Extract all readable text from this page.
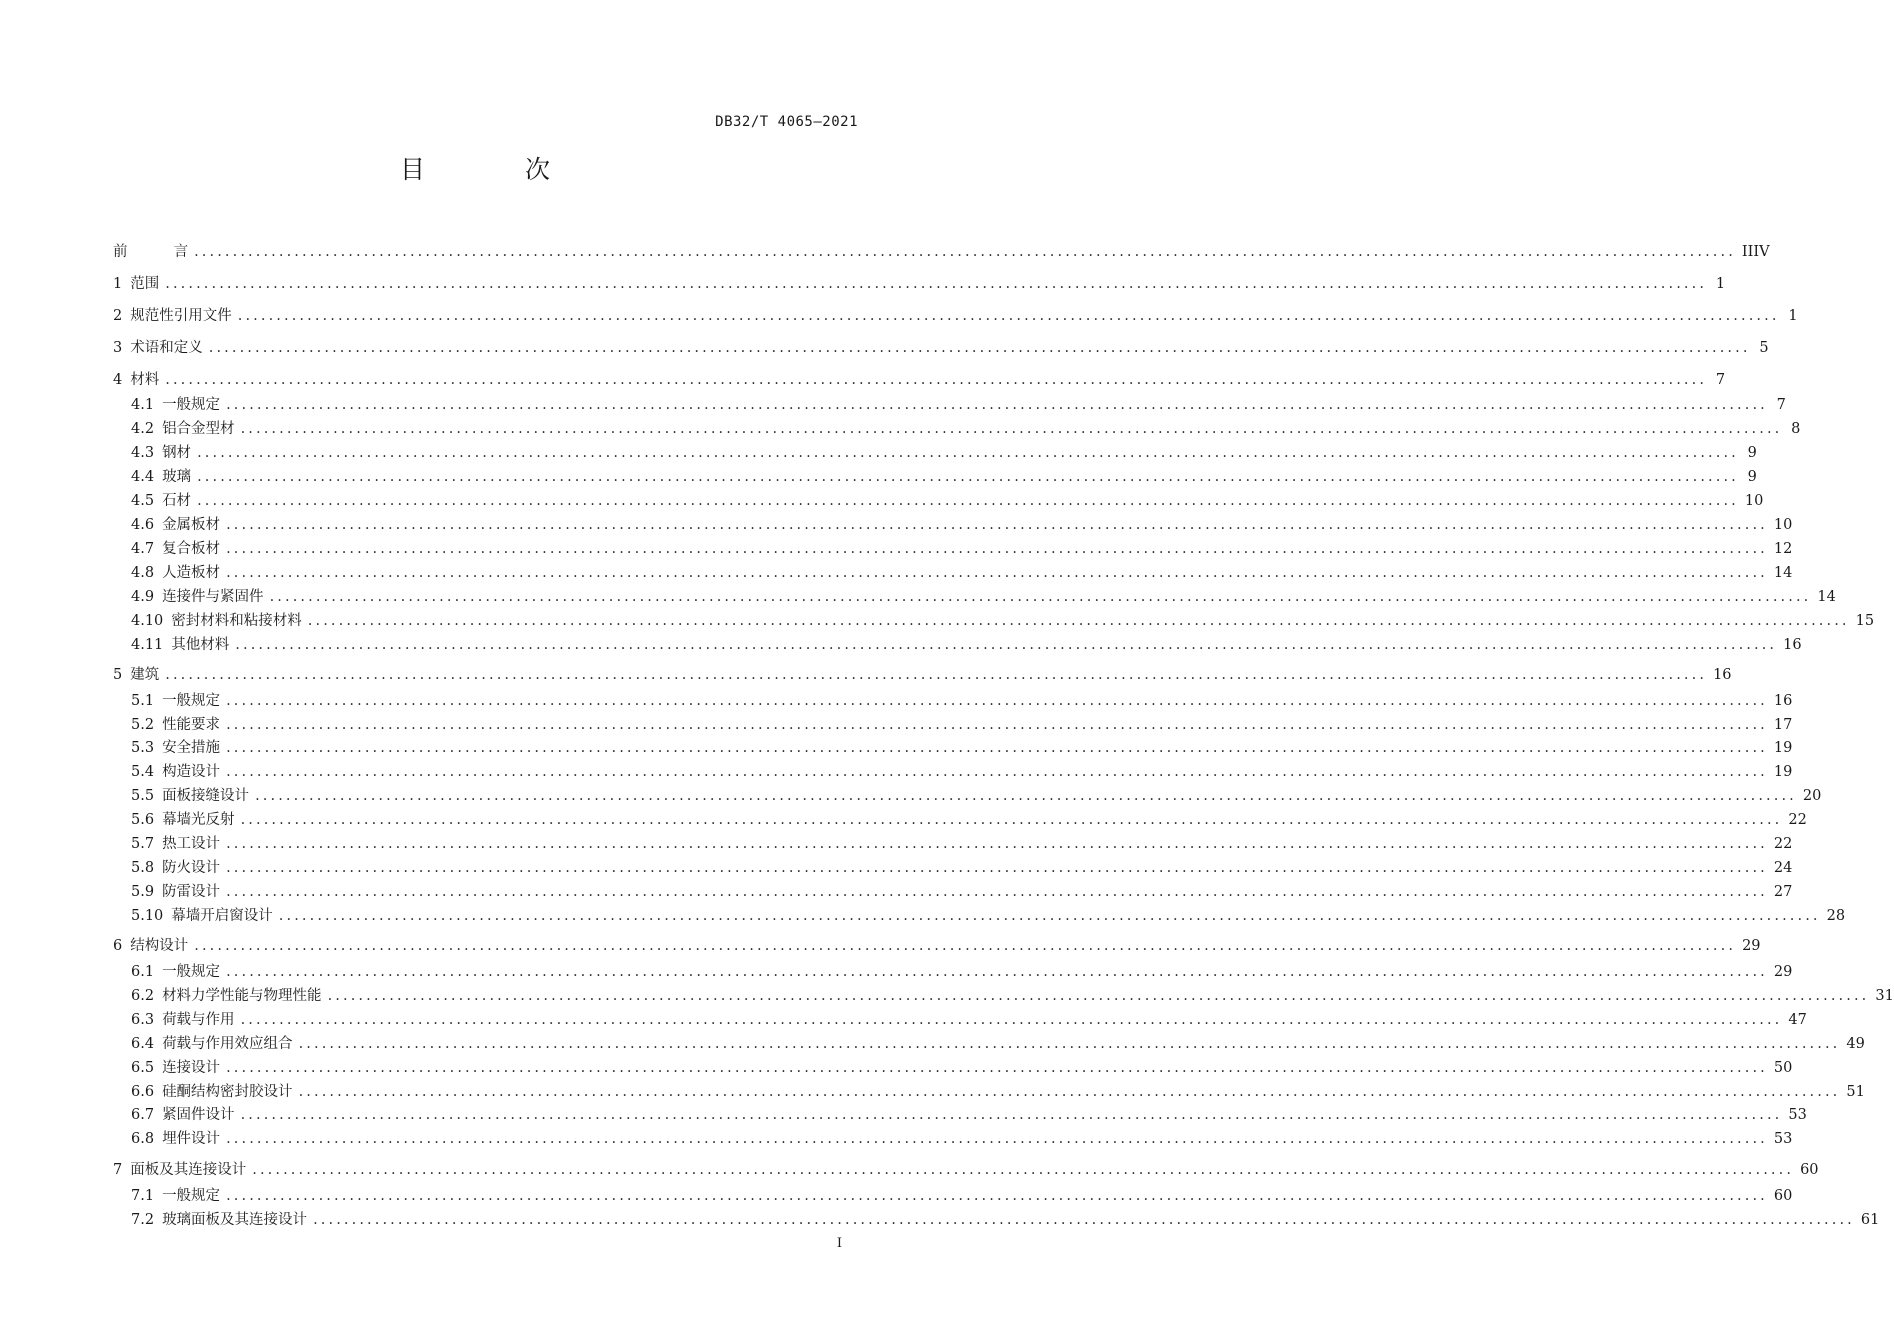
DB32/T 4065—2021
目 次
前          言 ........................................................................................................................................................................................................ IIIV
1 范围 ........................................................................................................................................................................................................ 1
2 规范性引用文件 ........................................................................................................................................................................................................ 1
3 术语和定义 ........................................................................................................................................................................................................ 5
4 材料 ........................................................................................................................................................................................................ 7
4.1 一般规定 ........................................................................................................................................................................................................ 7
4.2 铝合金型材 ........................................................................................................................................................................................................ 8
4.3 钢材 ........................................................................................................................................................................................................ 9
4.4 玻璃 ........................................................................................................................................................................................................ 9
4.5 石材 ........................................................................................................................................................................................................ 10
4.6 金属板材 ........................................................................................................................................................................................................ 10
4.7 复合板材 ........................................................................................................................................................................................................ 12
4.8 人造板材 ........................................................................................................................................................................................................ 14
4.9 连接件与紧固件 ........................................................................................................................................................................................................ 14
4.10 密封材料和粘接材料 ........................................................................................................................................................................................................ 15
4.11 其他材料 ........................................................................................................................................................................................................ 16
5 建筑 ........................................................................................................................................................................................................ 16
5.1 一般规定 ........................................................................................................................................................................................................ 16
5.2 性能要求 ........................................................................................................................................................................................................ 17
5.3 安全措施 ........................................................................................................................................................................................................ 19
5.4 构造设计 ........................................................................................................................................................................................................ 19
5.5 面板接缝设计 ........................................................................................................................................................................................................ 20
5.6 幕墙光反射 ........................................................................................................................................................................................................ 22
5.7 热工设计 ........................................................................................................................................................................................................ 22
5.8 防火设计 ........................................................................................................................................................................................................ 24
5.9 防雷设计 ........................................................................................................................................................................................................ 27
5.10 幕墙开启窗设计 ........................................................................................................................................................................................................ 28
6 结构设计 ........................................................................................................................................................................................................ 29
6.1 一般规定 ........................................................................................................................................................................................................ 29
6.2 材料力学性能与物理性能 ........................................................................................................................................................................................................ 31
6.3 荷载与作用 ........................................................................................................................................................................................................ 47
6.4 荷载与作用效应组合 ........................................................................................................................................................................................................ 49
6.5 连接设计 ........................................................................................................................................................................................................ 50
6.6 硅酮结构密封胶设计 ........................................................................................................................................................................................................ 51
6.7 紧固件设计 ........................................................................................................................................................................................................ 53
6.8 埋件设计 ........................................................................................................................................................................................................ 53
7 面板及其连接设计 ........................................................................................................................................................................................................ 60
7.1 一般规定 ........................................................................................................................................................................................................ 60
7.2 玻璃面板及其连接设计 ........................................................................................................................................................................................................ 61
I
